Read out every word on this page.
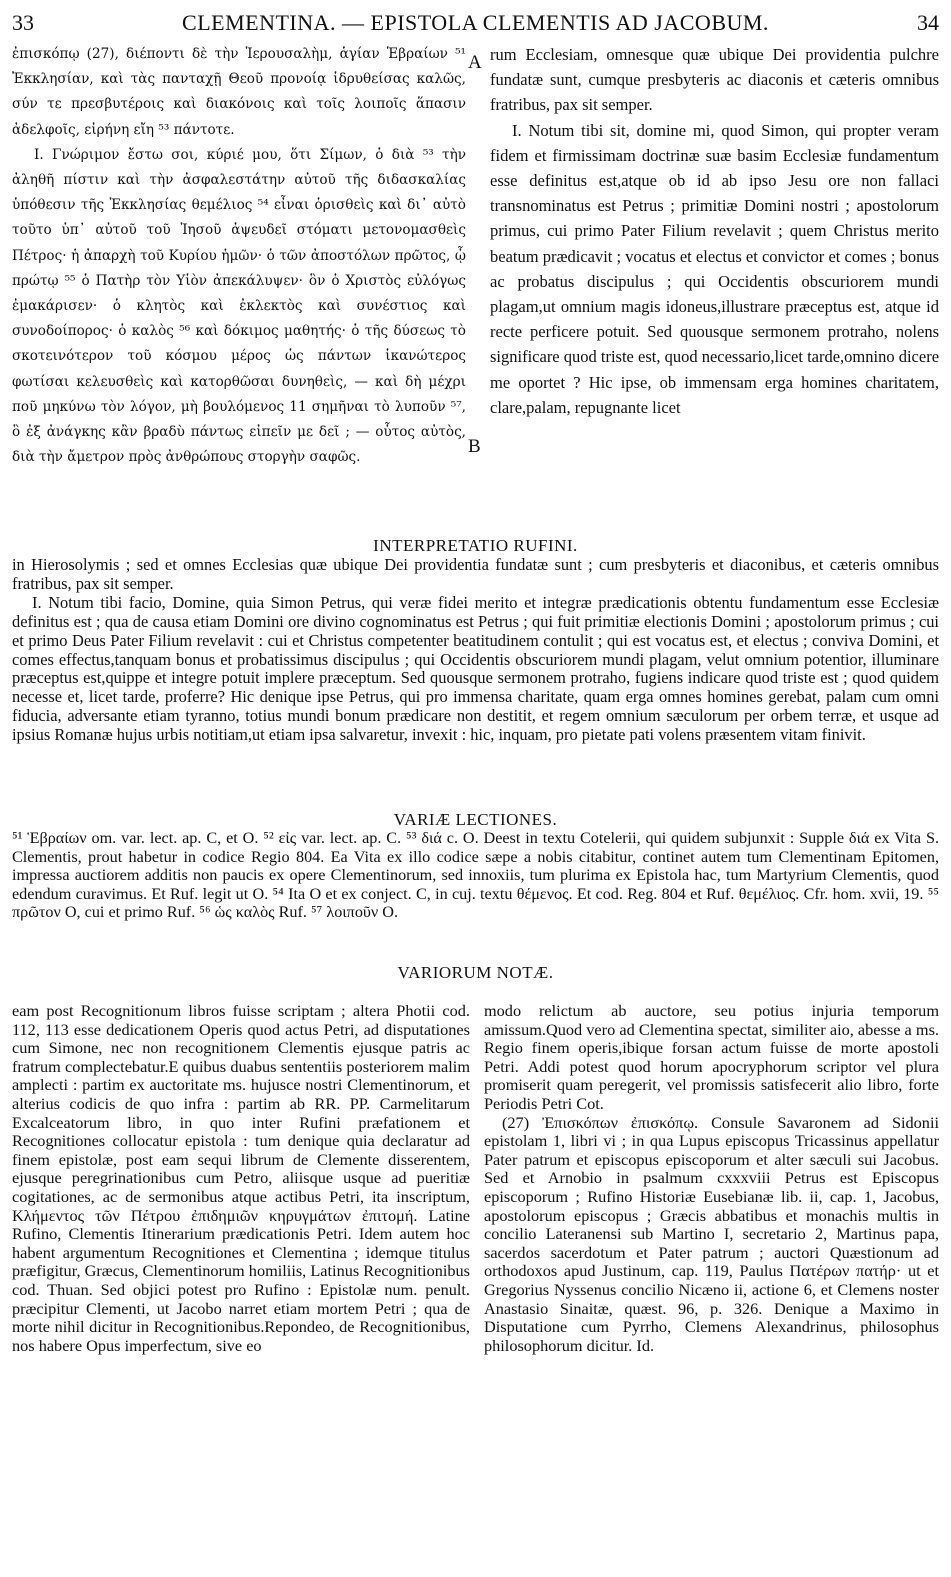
33	CLEMENTINA. — EPISTOLA CLEMENTIS AD JACOBUM.	34

ἐπισκόπῳ (27), διέποντι δὲ τὴν Ἱερουσαλὴμ, ἁγίαν Ἑβραίων ⁵¹ Ἐκκλησίαν, καὶ τὰς πανταχῇ Θεοῦ προνοίᾳ ἱδρυθείσας καλῶς, σύν τε πρεσβυτέροις καὶ διακόνοις καὶ τοῖς λοιποῖς ἅπασιν ἀδελφοῖς, εἰρήνη εἴη ⁵³ πάντοτε.

I. Γνώριμον ἔστω σοι, κύριέ μου, ὅτι Σίμων, ὁ διὰ ⁵³ τὴν ἀληθῆ πίστιν καὶ τὴν ἀσφαλεστάτην αὐτοῦ τῆς διδασκαλίας ὑπόθεσιν τῆς Ἐκκλησίας θεμέλιος ⁵⁴ εἶναι ὁρισθεὶς καὶ δι᾽ αὐτὸ τοῦτο ὑπ᾽ αὐτοῦ τοῦ Ἰησοῦ ἀψευδεῖ στόματι μετονομασθεὶς Πέτρος· ἡ ἀπαρχὴ τοῦ Κυρίου ἡμῶν· ὁ τῶν ἀποστόλων πρῶτος, ᾧ πρώτῳ ⁵⁵ ὁ Πατὴρ τὸν Υἱὸν ἀπεκάλυψεν· ὃν ὁ Χριστὸς εὐλόγως ἐμακάρισεν· ὁ κλητὸς καὶ ἐκλεκτὸς καὶ συνέστιος καὶ συνοδοίπορος· ὁ καλὸς ⁵⁶ καὶ δόκιμος μαθητής· ὁ τῆς δύσεως τὸ σκοτεινότερον τοῦ κόσμου μέρος ὡς πάντων ἱκανώτερος φωτίσαι κελευσθεὶς καὶ κατορθῶσαι δυνηθεὶς, — καὶ δὴ μέχρι ποῦ μηκύνω τὸν λόγον, μὴ βουλόμενος 11 σημῆναι τὸ λυποῦν ⁵⁷, ὃ ἐξ ἀνάγκης κἂν βραδὺ πάντως εἰπεῖν με δεῖ ; — οὗτος αὐτὸς, διὰ τὴν ἄμετρον πρὸς ἀνθρώπους στοργὴν σαφῶς.

rum Ecclesiam, omnesque quæ ubique Dei providentia pulchre fundatæ sunt, cumque presbyteris ac diaconis et cæteris omnibus fratribus, pax sit semper.

I. Notum tibi sit, domine mi, quod Simon, qui propter veram fidem et firmissimam doctrinæ suæ basim Ecclesiæ fundamentum esse definitus est,atque ob id ab ipso Jesu ore non fallaci transnominatus est Petrus ; primitiæ Domini nostri ; apostolorum primus, cui primo Pater Filium revelavit ; quem Christus merito beatum prædicavit ; vocatus et electus et convictor et comes ; bonus ac probatus discipulus ; qui Occidentis obscuriorem mundi plagam,ut omnium magis idoneus,illustrare præceptus est, atque id recte perficere potuit. Sed quousque sermonem protraho, nolens significare quod triste est, quod necessario,licet tarde,omnino dicere me oportet ? Hic ipse, ob immensam erga homines charitatem, clare,palam, repugnante licet

A
B
INTERPRETATIO RUFINI.

in Hierosolymis ; sed et omnes Ecclesias quæ ubique Dei providentia fundatæ sunt ; cum presbyteris et diaconibus, et cæteris omnibus fratribus, pax sit semper.

I. Notum tibi facio, Domine, quia Simon Petrus, qui veræ fidei merito et integræ prædicationis obtentu fundamentum esse Ecclesiæ definitus est ; qua de causa etiam Domini ore divino cognominatus est Petrus ; qui fuit primitiæ electionis Domini ; apostolorum primus ; cui et primo Deus Pater Filium revelavit : cui et Christus competenter beatitudinem contulit ; qui est vocatus est, et electus ; conviva Domini, et comes effectus,tanquam bonus et probatissimus discipulus ; qui Occidentis obscuriorem mundi plagam, velut omnium potentior, illuminare præceptus est,quippe et integre potuit implere præceptum. Sed quousque sermonem protraho, fugiens indicare quod triste est ; quod quidem necesse et, licet tarde, proferre? Hic denique ipse Petrus, qui pro immensa charitate, quam erga omnes homines gerebat, palam cum omni fiducia, adversante etiam tyranno, totius mundi bonum prædicare non destitit, et regem omnium sæculorum per orbem terræ, et usque ad ipsius Romanæ hujus urbis notitiam,ut etiam ipsa salvaretur, invexit : hic, inquam, pro pietate pati volens præsentem vitam finivit.

VARIÆ LECTIONES.

⁵¹ Ἑβραίων om. var. lect. ap. C, et O. ⁵² εἰς var. lect. ap. C. ⁵³ διά c. O. Deest in textu Cotelerii, qui quidem subjunxit : Supple διά ex Vita S. Clementis, prout habetur in codice Regio 804. Ea Vita ex illo codice sæpe a nobis citabitur, continet autem tum Clementinam Epitomen, impressa auctiorem additis non paucis ex opere Clementinorum, sed innoxiis, tum plurima ex Epistola hac, tum Martyrium Clementis, quod edendum curavimus. Et Ruf. legit ut O. ⁵⁴ Ita O et ex conject. C, in cuj. textu θέμενος. Et cod. Reg. 804 et Ruf. θεμέλιος. Cfr. hom. xvii, 19. ⁵⁵ πρῶτον O, cui et primo Ruf. ⁵⁶ ὡς καλὸς Ruf. ⁵⁷ λοιποῦν O.

VARIORUM NOTÆ.

eam post Recognitionum libros fuisse scriptam ; altera Photii cod. 112, 113 esse dedicationem Operis quod actus Petri, ad disputationes cum Simone, nec non recognitionem Clementis ejusque patris ac fratrum complectebatur.E quibus duabus sententiis posteriorem malim amplecti : partim ex auctoritate ms. hujusce nostri Clementinorum, et alterius codicis de quo infra : partim ab RR. PP. Carmelitarum Excalceatorum libro, in quo inter Rufini præfationem et Recognitiones collocatur epistola : tum denique quia declaratur ad finem epistolæ, post eam sequi librum de Clemente disserentem, ejusque peregrinationibus cum Petro, aliisque usque ad pueritiæ cogitationes, ac de sermonibus atque actibus Petri, ita inscriptum, Κλήμεντος τῶν Πέτρου ἐπιδημιῶν κηρυγμάτων ἐπιτομή. Latine Rufino, Clementis Itinerarium prædicationis Petri. Idem autem hoc habent argumentum Recognitiones et Clementina ; idemque titulus præfigitur, Græcus, Clementinorum homiliis, Latinus Recognitionibus cod. Thuan. Sed objici potest pro Rufino : Epistolæ num. penult. præcipitur Clementi, ut Jacobo narret etiam mortem Petri ; qua de morte nihil dicitur in Recognitionibus.Repondeo, de Recognitionibus, nos habere Opus imperfectum, sive eo

modo relictum ab auctore, seu potius injuria temporum amissum.Quod vero ad Clementina spectat, similiter aio, abesse a ms. Regio finem operis,ibique forsan actum fuisse de morte apostoli Petri. Addi potest quod horum apocryphorum scriptor vel plura promiserit quam peregerit, vel promissis satisfecerit alio libro, forte Periodis Petri Cot.

(27) Ἐπισκόπων ἐπισκόπῳ. Consule Savaronem ad Sidonii epistolam 1, libri vi ; in qua Lupus episcopus Tricassinus appellatur Pater patrum et episcopus episcoporum et alter sæculi sui Jacobus. Sed et Arnobio in psalmum cxxxviii Petrus est Episcopus episcoporum ; Rufino Historiæ Eusebianæ lib. ii, cap. 1, Jacobus, apostolorum episcopus ; Græcis abbatibus et monachis multis in concilio Lateranensi sub Martino I, secretario 2, Martinus papa, sacerdos sacerdotum et Pater patrum ; auctori Quæstionum ad orthodoxos apud Justinum, cap. 119, Paulus Πατέρων πατήρ· ut et Gregorius Nyssenus concilio Nicæno ii, actione 6, et Clemens noster Anastasio Sinaitæ, quæst. 96, p. 326. Denique a Maximo in Disputatione cum Pyrrho, Clemens Alexandrinus, philosophus philosophorum dicitur. Id.
